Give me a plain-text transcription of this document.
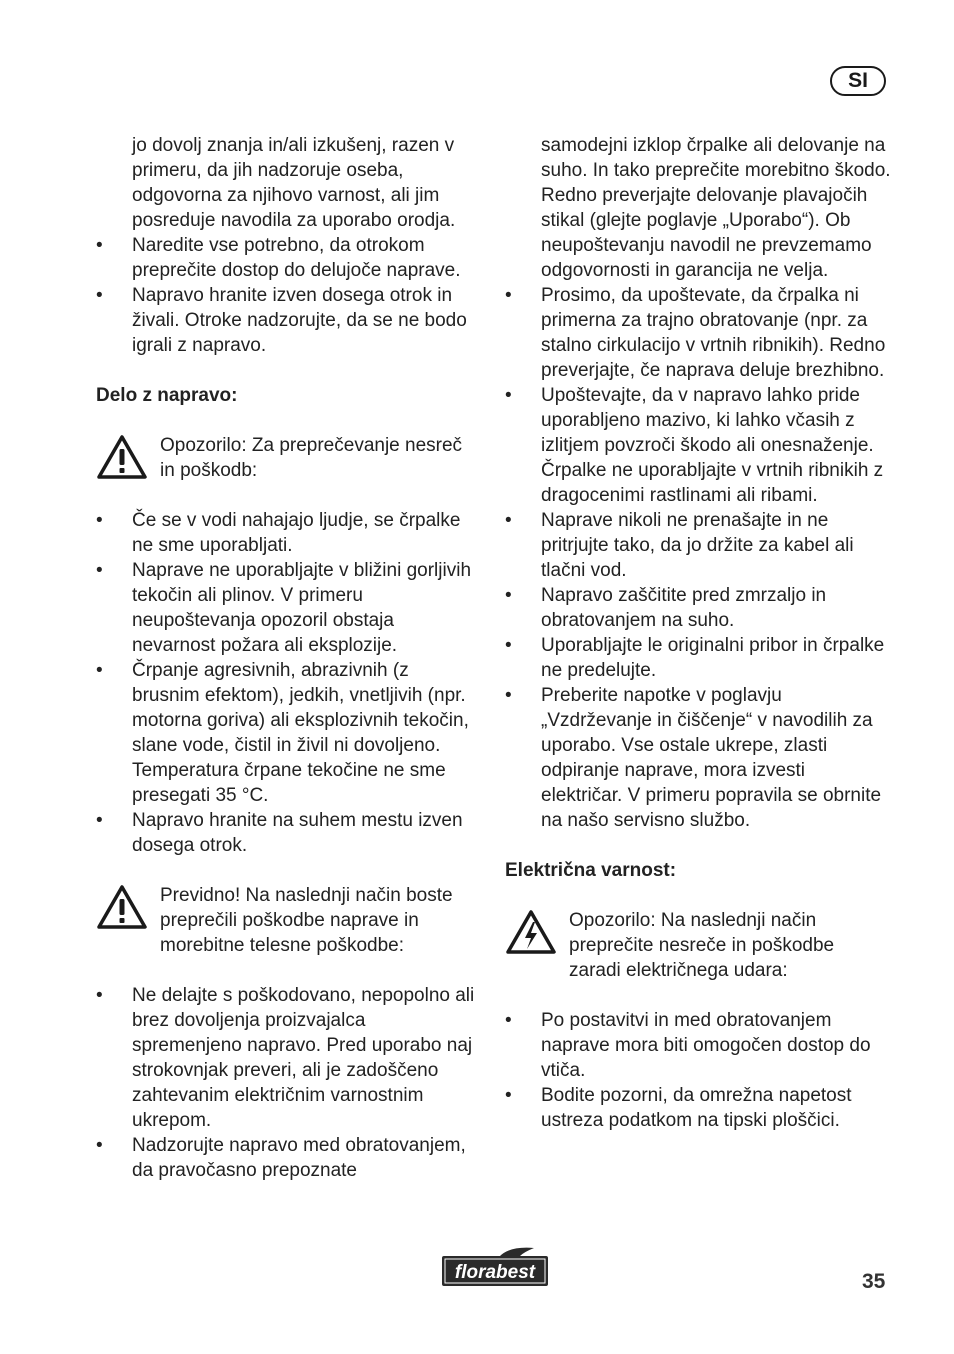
SI

jo dovolj znanja in/ali izkušenj, razen v primeru, da jih nadzoruje oseba, odgovorna za njihovo varnost, ali jim posreduje navodila za uporabo orodja.

• Naredite vse potrebno, da otrokom preprečite dostop do delujoče naprave.
• Napravo hranite izven dosega otrok in živali. Otroke nadzorujte, da se ne bodo igrali z napravo.
Delo z napravo:
Opozorilo: Za preprečevanje nesreč in poškodb:
• Če se v vodi nahajajo ljudje, se črpalke ne sme uporabljati.
• Naprave ne uporabljajte v bližini gorljivih tekočin ali plinov. V primeru neupoštevanja opozoril obstaja nevarnost požara ali eksplozije.
• Črpanje agresivnih, abrazivnih (z brusnim efektom), jedkih, vnetljivih (npr. motorna goriva) ali eksplozivnih tekočin, slane vode, čistil in živil ni dovoljeno. Temperatura črpane tekočine ne sme presegati 35 °C.
• Napravo hranite na suhem mestu izven dosega otrok.
Previdno! Na naslednji način boste preprečili poškodbe naprave in morebitne telesne poškodbe:
• Ne delajte s poškodovano, nepopolno ali brez dovoljenja proizvajalca spremenjeno napravo. Pred uporabo naj strokovnjak preveri, ali je zadoščeno zahtevanim električnim varnostnim ukrepom.
• Nadzorujte napravo med obratovanjem, da pravočasno prepoznate

samodejni izklop črpalke ali delovanje na suho. In tako preprečite morebitno škodo. Redno preverjajte delovanje plavajočih stikal (glejte poglavje „Uporabo“). Ob neupoštevanju navodil ne prevzemamo odgovornosti in garancija ne velja.

• Prosimo, da upoštevate, da črpalka ni primerna za trajno obratovanje (npr. za stalno cirkulacijo v vrtnih ribnikih). Redno preverjajte, če naprava deluje brezhibno.
• Upoštevajte, da v napravo lahko pride uporabljeno mazivo, ki lahko včasih z izlitjem povzroči škodo ali onesnaženje. Črpalke ne uporabljajte v vrtnih ribnikih z dragocenimi rastlinami ali ribami.
• Naprave nikoli ne prenašajte in ne pritrjujte tako, da jo držite za kabel ali tlačni vod.
• Napravo zaščitite pred zmrzaljo in obratovanjem na suho.
• Uporabljajte le originalni pribor in črpalke ne predelujte.
• Preberite napotke v poglavju „Vzdrževanje in čiščenje“ v navodilih za uporabo. Vse ostale ukrepe, zlasti odpiranje naprave, mora izvesti električar. V primeru popravila se obrnite na našo servisno službo.
Električna varnost:
Opozorilo: Na naslednji način preprečite nesreče in poškodbe zaradi električnega udara:
• Po postavitvi in med obratovanjem naprave mora biti omogočen dostop do vtiča.
• Bodite pozorni, da omrežna napetost ustreza podatkom na tipski ploščici.
florabest	35
